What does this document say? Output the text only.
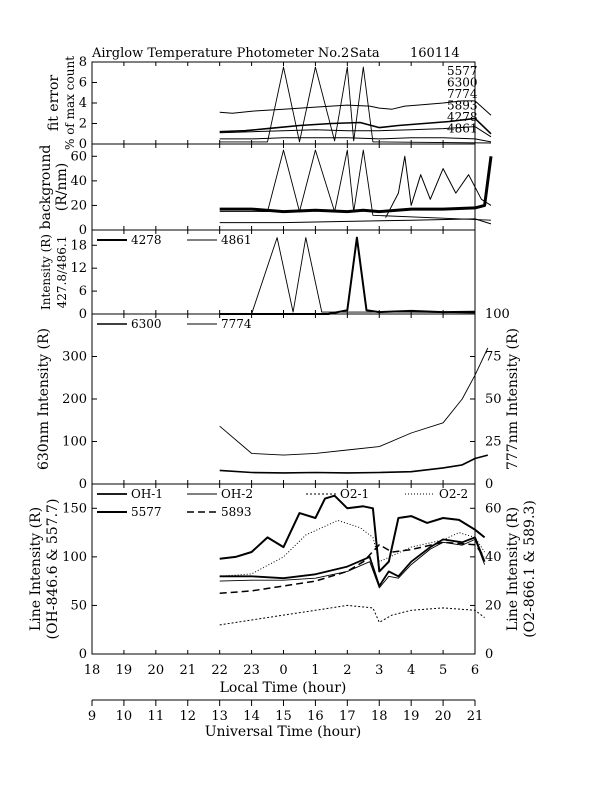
Airglow Temperature Photometer No.2 Sata 160114
fit error % of max count
background (R/nm)
Intensity (R) 427.8/486.1
630nm Intensity (R)	777nm Intensity (R)
Line Intensity (R) (OH-846.6 & 557.7)	Line Intensity (R) (O2-866.1 & 589.3)
Local Time (hour)
Universal Time (hour)
0
2
4
6
8
0
20
40
60
0
6
12
18
0
100
200
300
0
25
50
75
100
0
50
100
150
0
20
40
60
5577
6300
7774
5893
4278
4861
4278	4861
6300	7774
OH-1	OH-2	O2-1	O2-2
5577	5893
18 19 20 21 22 23 0 1 2 3 4 5 6
9 10 11 12 13 14 15 16 17 18 19 20 21
